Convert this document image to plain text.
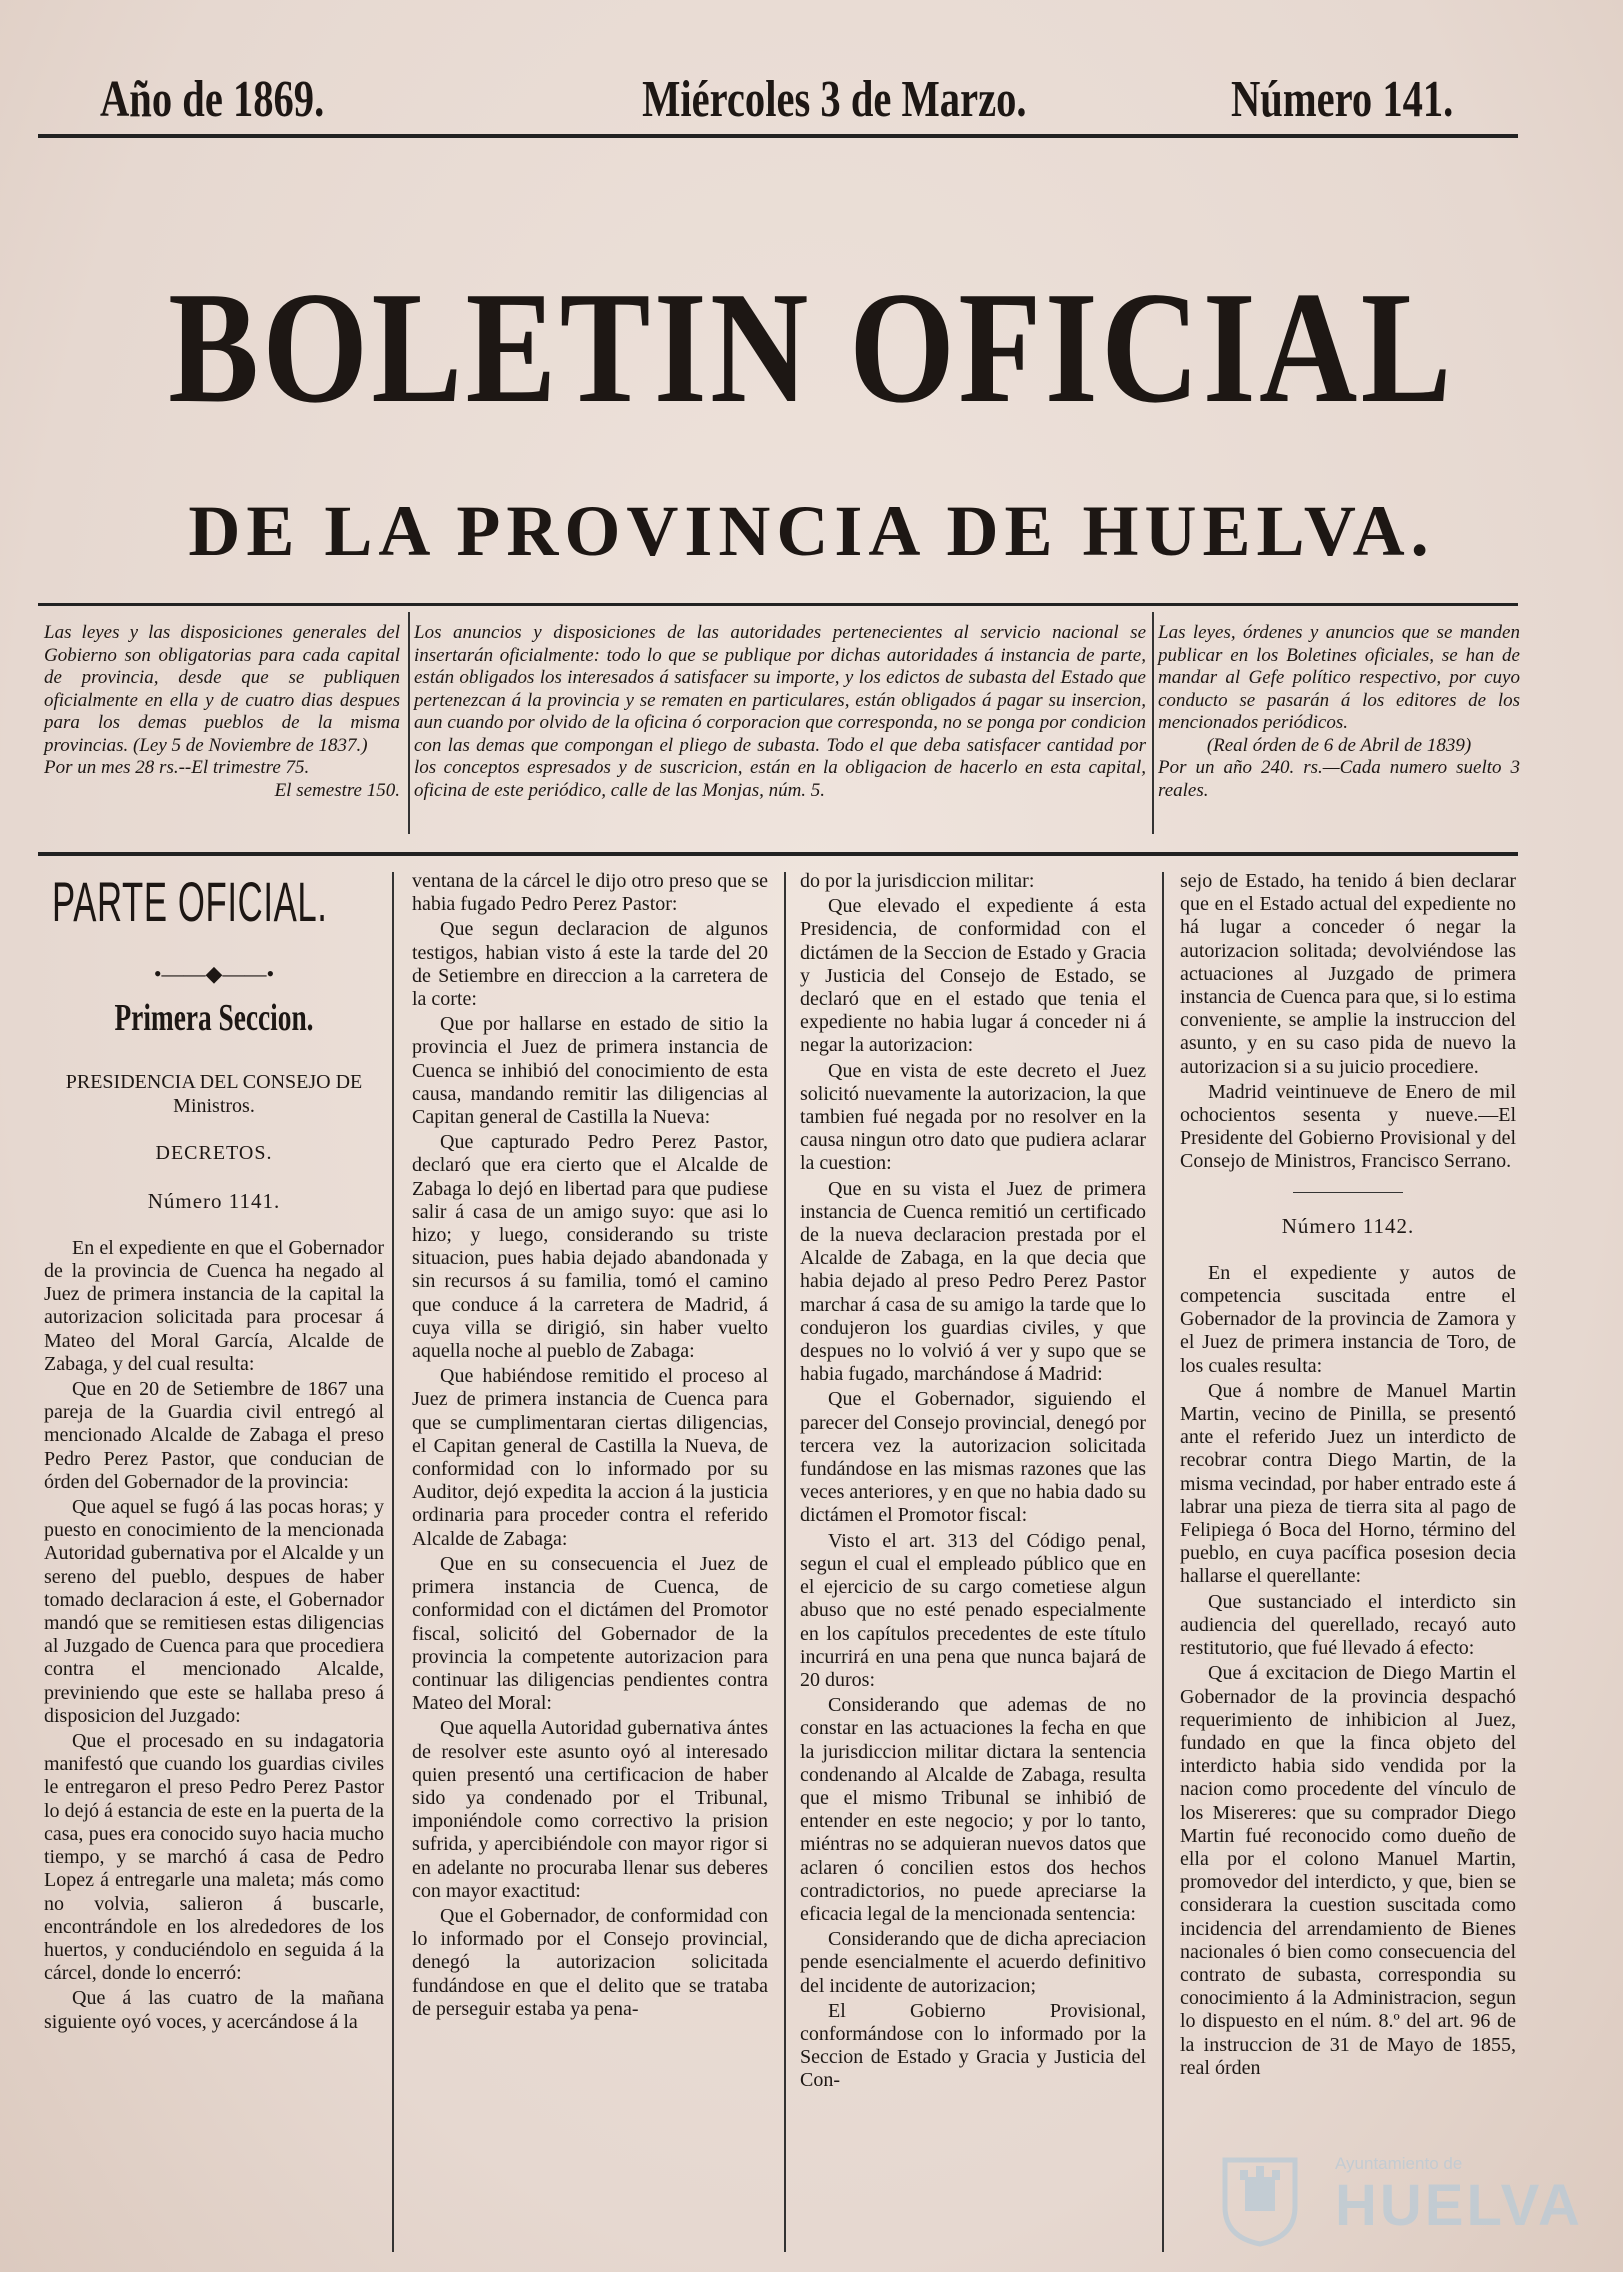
Año de 1869.	Miércoles 3 de Marzo.	Número 141.
BOLETIN OFICIAL
DE LA PROVINCIA DE HUELVA.
Las leyes y las disposiciones generales del Gobierno son obligatorias para cada capital de provincia, desde que se publiquen oficialmente en ella y de cuatro dias despues para los demas pueblos de la misma provincias. (Ley 5 de Noviembre de 1837.)
Por un mes 28 rs.--El trimestre 75.
El semestre 150.
Los anuncios y disposiciones de las autoridades pertenecientes al servicio nacional se insertarán oficialmente: todo lo que se publique por dichas autoridades á instancia de parte, están obligados los interesados á satisfacer su importe, y los edictos de subasta del Estado que pertenezcan á la provincia y se rematen en particulares, están obligados á pagar su insercion, aun cuando por olvido de la oficina ó corporacion que corresponda, no se ponga por condicion con las demas que compongan el pliego de subasta. Todo el que deba satisfacer cantidad por los conceptos espresados y de suscricion, están en la obligacion de hacerlo en esta capital, oficina de este periódico, calle de las Monjas, núm. 5.
Las leyes, órdenes y anuncios que se manden publicar en los Boletines oficiales, se han de mandar al Gefe político respectivo, por cuyo conducto se pasarán á los editores de los mencionados periódicos.
(Real órden de 6 de Abril de 1839)
Por un año 240. rs.—Cada numero suelto 3 reales.
PARTE OFICIAL.
•——◆——•
Primera Seccion.
PRESIDENCIA DEL CONSEJO DE Ministros.
DECRETOS.
Número 1141.

En el expediente en que el Gobernador de la provincia de Cuenca ha negado al Juez de primera instancia de la capital la autorizacion solicitada para procesar á Mateo del Moral García, Alcalde de Zabaga, y del cual resulta:

Que en 20 de Setiembre de 1867 una pareja de la Guardia civil entregó al mencionado Alcalde de Zabaga el preso Pedro Perez Pastor, que conducian de órden del Gobernador de la provincia:

Que aquel se fugó á las pocas horas; y puesto en conocimiento de la mencionada Autoridad gubernativa por el Alcalde y un sereno del pueblo, despues de haber tomado declaracion á este, el Gobernador mandó que se remitiesen estas diligencias al Juzgado de Cuenca para que procediera contra el mencionado Alcalde, previniendo que este se hallaba preso á disposicion del Juzgado:

Que el procesado en su indagatoria manifestó que cuando los guardias civiles le entregaron el preso Pedro Perez Pastor lo dejó á estancia de este en la puerta de la casa, pues era conocido suyo hacia mucho tiempo, y se marchó á casa de Pedro Lopez á entregarle una maleta; más como no volvia, salieron á buscarle, encontrándole en los alrededores de los huertos, y conduciéndolo en seguida á la cárcel, donde lo encerró:

Que á las cuatro de la mañana siguiente oyó voces, y acercándose á la

ventana de la cárcel le dijo otro preso que se habia fugado Pedro Perez Pastor:

Que segun declaracion de algunos testigos, habian visto á este la tarde del 20 de Setiembre en direccion a la carretera de la corte:

Que por hallarse en estado de sitio la provincia el Juez de primera instancia de Cuenca se inhibió del conocimiento de esta causa, mandando remitir las diligencias al Capitan general de Castilla la Nueva:

Que capturado Pedro Perez Pastor, declaró que era cierto que el Alcalde de Zabaga lo dejó en libertad para que pudiese salir á casa de un amigo suyo: que asi lo hizo; y luego, considerando su triste situacion, pues habia dejado abandonada y sin recursos á su familia, tomó el camino que conduce á la carretera de Madrid, á cuya villa se dirigió, sin haber vuelto aquella noche al pueblo de Zabaga:

Que habiéndose remitido el proceso al Juez de primera instancia de Cuenca para que se cumplimentaran ciertas diligencias, el Capitan general de Castilla la Nueva, de conformidad con lo informado por su Auditor, dejó expedita la accion á la justicia ordinaria para proceder contra el referido Alcalde de Zabaga:

Que en su consecuencia el Juez de primera instancia de Cuenca, de conformidad con el dictámen del Promotor fiscal, solicitó del Gobernador de la provincia la competente autorizacion para continuar las diligencias pendientes contra Mateo del Moral:

Que aquella Autoridad gubernativa ántes de resolver este asunto oyó al interesado quien presentó una certificacion de haber sido ya condenado por el Tribunal, imponiéndole como correctivo la prision sufrida, y apercibiéndole con mayor rigor si en adelante no procuraba llenar sus deberes con mayor exactitud:

Que el Gobernador, de conformidad con lo informado por el Consejo provincial, denegó la autorizacion solicitada fundándose en que el delito que se trataba de perseguir estaba ya pena-

do por la jurisdiccion militar:

Que elevado el expediente á esta Presidencia, de conformidad con el dictámen de la Seccion de Estado y Gracia y Justicia del Consejo de Estado, se declaró que en el estado que tenia el expediente no habia lugar á conceder ni á negar la autorizacion:

Que en vista de este decreto el Juez solicitó nuevamente la autorizacion, la que tambien fué negada por no resolver en la causa ningun otro dato que pudiera aclarar la cuestion:

Que en su vista el Juez de primera instancia de Cuenca remitió un certificado de la nueva declaracion prestada por el Alcalde de Zabaga, en la que decia que habia dejado al preso Pedro Perez Pastor marchar á casa de su amigo la tarde que lo condujeron los guardias civiles, y que despues no lo volvió á ver y supo que se habia fugado, marchándose á Madrid:

Que el Gobernador, siguiendo el parecer del Consejo provincial, denegó por tercera vez la autorizacion solicitada fundándose en las mismas razones que las veces anteriores, y en que no habia dado su dictámen el Promotor fiscal:

Visto el art. 313 del Código penal, segun el cual el empleado público que en el ejercicio de su cargo cometiese algun abuso que no esté penado especialmente en los capítulos precedentes de este título incurrirá en una pena que nunca bajará de 20 duros:

Considerando que ademas de no constar en las actuaciones la fecha en que la jurisdiccion militar dictara la sentencia condenando al Alcalde de Zabaga, resulta que el mismo Tribunal se inhibió de entender en este negocio; y por lo tanto, miéntras no se adquieran nuevos datos que aclaren ó concilien estos dos hechos contradictorios, no puede apreciarse la eficacia legal de la mencionada sentencia:

Considerando que de dicha apreciacion pende esencialmente el acuerdo definitivo del incidente de autorizacion;

El Gobierno Provisional, conformándose con lo informado por la Seccion de Estado y Gracia y Justicia del Con-

sejo de Estado, ha tenido á bien declarar que en el Estado actual del expediente no há lugar a conceder ó negar la autorizacion solitada; devolviéndose las actuaciones al Juzgado de primera instancia de Cuenca para que, si lo estima conveniente, se amplie la instruccion del asunto, y en su caso pida de nuevo la autorizacion si a su juicio procediere.

Madrid veintinueve de Enero de mil ochocientos sesenta y nueve.—El Presidente del Gobierno Provisional y del Consejo de Ministros, Francisco Serrano.

Número 1142.

En el expediente y autos de competencia suscitada entre el Gobernador de la provincia de Zamora y el Juez de primera instancia de Toro, de los cuales resulta:

Que á nombre de Manuel Martin Martin, vecino de Pinilla, se presentó ante el referido Juez un interdicto de recobrar contra Diego Martin, de la misma vecindad, por haber entrado este á labrar una pieza de tierra sita al pago de Felipiega ó Boca del Horno, término del pueblo, en cuya pacífica posesion decia hallarse el querellante:

Que sustanciado el interdicto sin audiencia del querellado, recayó auto restitutorio, que fué llevado á efecto:

Que á excitacion de Diego Martin el Gobernador de la provincia despachó requerimiento de inhibicion al Juez, fundado en que la finca objeto del interdicto habia sido vendida por la nacion como procedente del vínculo de los Misereres: que su comprador Diego Martin fué reconocido como dueño de ella por el colono Manuel Martin, promovedor del interdicto, y que, bien se considerara la cuestion suscitada como incidencia del arrendamiento de Bienes nacionales ó bien como consecuencia del contrato de subasta, correspondia su conocimiento á la Administracion, segun lo dispuesto en el núm. 8.º del art. 96 de la instruccion de 31 de Mayo de 1855, real órden

Ayuntamiento de
HUELVA
